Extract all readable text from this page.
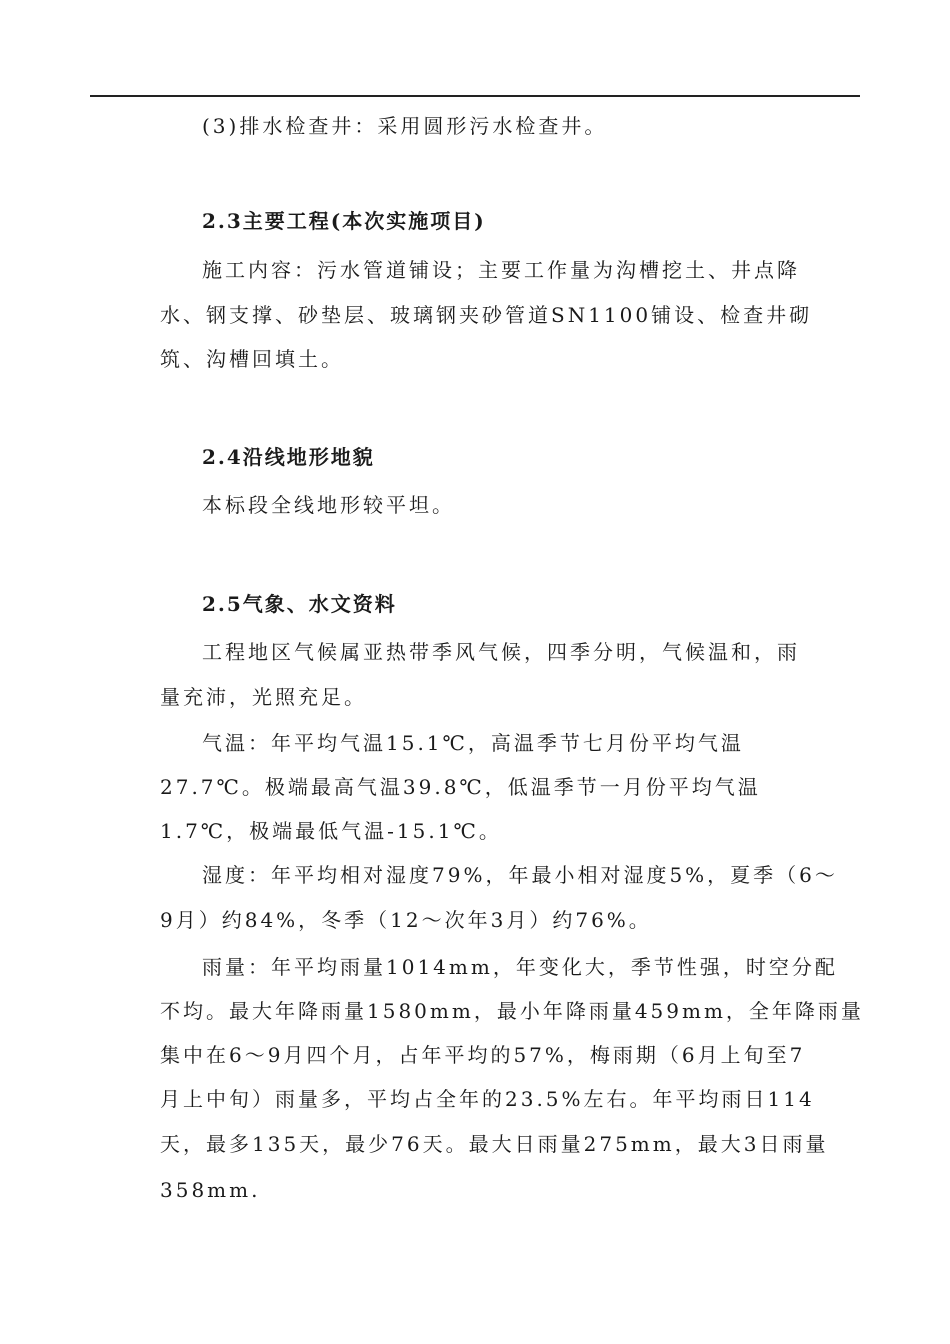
(3)排水检查井：采用圆形污水检查井。
2.3主要工程(本次实施项目)
施工内容：污水管道铺设；主要工作量为沟槽挖土、井点降
水、钢支撑、砂垫层、玻璃钢夹砂管道SN1100铺设、检查井砌
筑、沟槽回填土。
2.4沿线地形地貌
本标段全线地形较平坦。
2.5气象、水文资料
工程地区气候属亚热带季风气候，四季分明，气候温和，雨
量充沛，光照充足。
气温：年平均气温15.1℃，高温季节七月份平均气温
27.7℃。极端最高气温39.8℃，低温季节一月份平均气温
1.7℃，极端最低气温-15.1℃。
湿度：年平均相对湿度79%，年最小相对湿度5%，夏季（6～
9月）约84%，冬季（12～次年3月）约76%。
雨量：年平均雨量1014mm，年变化大，季节性强，时空分配
不均。最大年降雨量1580mm，最小年降雨量459mm，全年降雨量
集中在6～9月四个月，占年平均的57%，梅雨期（6月上旬至7
月上中旬）雨量多，平均占全年的23.5%左右。年平均雨日114
天，最多135天，最少76天。最大日雨量275mm，最大3日雨量
358mm.
